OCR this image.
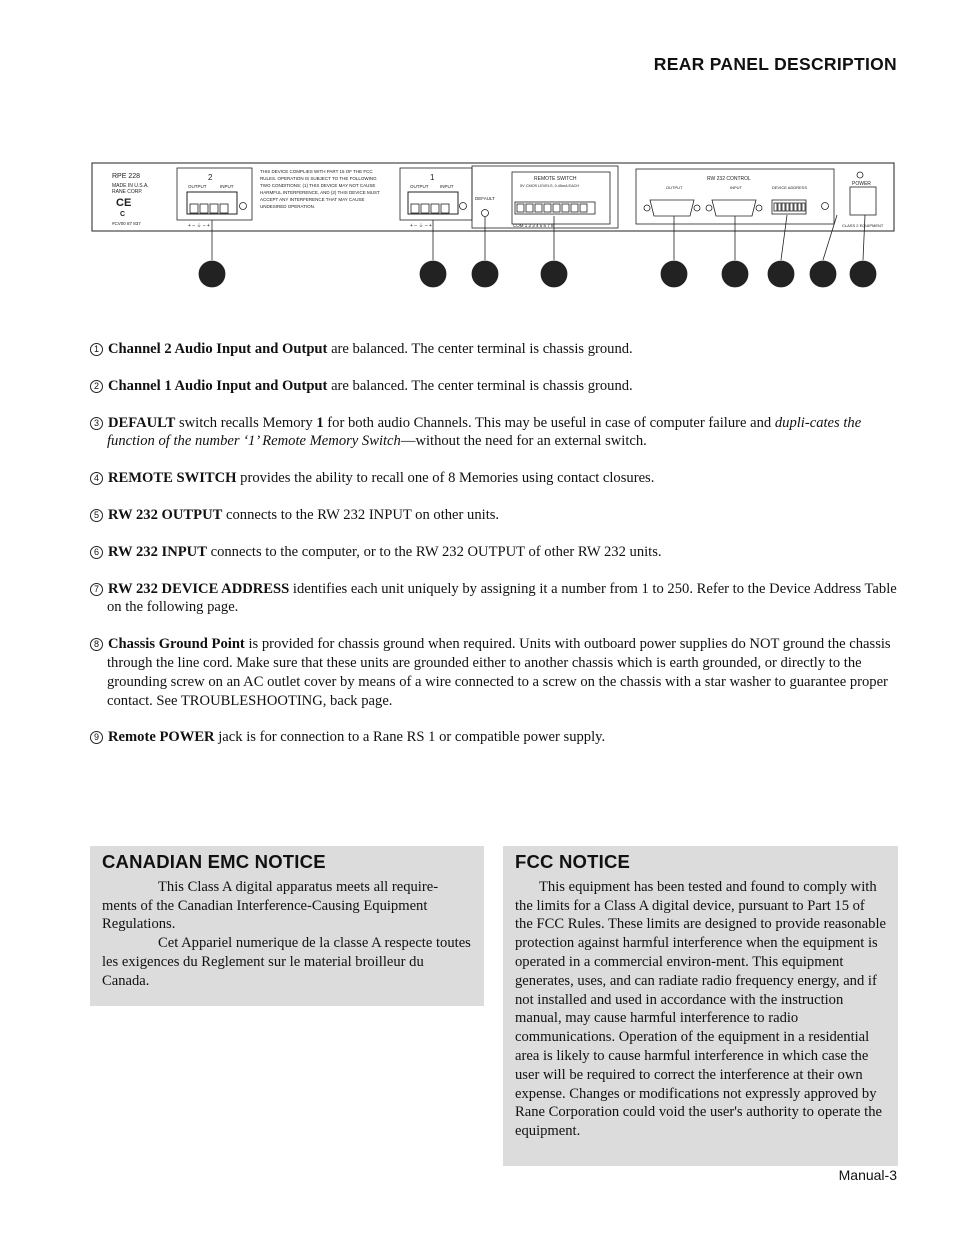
REAR PANEL DESCRIPTION
RPE 228
MADE IN U.S.A.
RANE CORP.
CE
C
#CV00 87 837
2
OUTPUT	INPUT
+ – ⏚ – +
THIS DEVICE COMPLIES WITH PART 15 OF THE FCC RULES. OPERATION IS SUBJECT TO THE FOLLOWING TWO CONDITIONS: (1) THIS DEVICE MAY NOT CAUSE HARMFUL INTERFERENCE, AND (2) THIS DEVICE MUST ACCEPT ANY INTERFERENCE THAT MAY CAUSE UNDESIRED OPERATION.
1
OUTPUT	INPUT
+ – ⏚ – +
DEFAULT
REMOTE SWITCH
5V CMOS LEVELS, 0.45mA EACH
COM 1 2 3 4 5 6 7 8
RW 232 CONTROL
OUTPUT	INPUT	DEVICE ADDRESS
POWER
CLASS 2 EQUIPMENT
1	2	3	4	5	6 7 8 9
1 Channel 2 Audio Input and Output are balanced. The center terminal is chassis ground.
2 Channel 1 Audio Input and Output are balanced. The center terminal is chassis ground.
3 DEFAULT switch recalls Memory 1 for both audio Channels. This may be useful in case of computer failure and dupli-cates the function of the number ‘1’ Remote Memory Switch—without the need for an external switch.
4 REMOTE SWITCH provides the ability to recall one of 8 Memories using contact closures.
5 RW 232 OUTPUT connects to the RW 232 INPUT on other units.
6 RW 232 INPUT connects to the computer, or to the RW 232 OUTPUT of other RW 232 units.
7 RW 232 DEVICE ADDRESS identifies each unit uniquely by assigning it a number from 1 to 250. Refer to the Device Address Table on the following page.
8 Chassis Ground Point is provided for chassis ground when required. Units with outboard power supplies do NOT ground the chassis through the line cord. Make sure that these units are grounded either to another chassis which is earth grounded, or directly to the grounding screw on an AC outlet cover by means of a wire connected to a screw on the chassis with a star washer to guarantee proper contact. See TROUBLESHOOTING, back page.
9 Remote POWER jack is for connection to a Rane RS 1 or compatible power supply.
CANADIAN EMC NOTICE

This Class A digital apparatus meets all require-ments of the Canadian Interference-Causing Equipment Regulations.

Cet Appariel numerique de la classe A respecte toutes les exigences du Reglement sur le material broilleur du Canada.

FCC NOTICE

This equipment has been tested and found to comply with the limits for a Class A digital device, pursuant to Part 15 of the FCC Rules. These limits are designed to provide reasonable protection against harmful interference when the equipment is operated in a commercial environ-ment. This equipment generates, uses, and can radiate radio frequency energy, and if not installed and used in accordance with the instruction manual, may cause harmful interference to radio communications. Operation of the equipment in a residential area is likely to cause harmful interference in which case the user will be required to correct the interference at their own expense. Changes or modifications not expressly approved by Rane Corporation could void the user's authority to operate the equipment.

Manual-3
